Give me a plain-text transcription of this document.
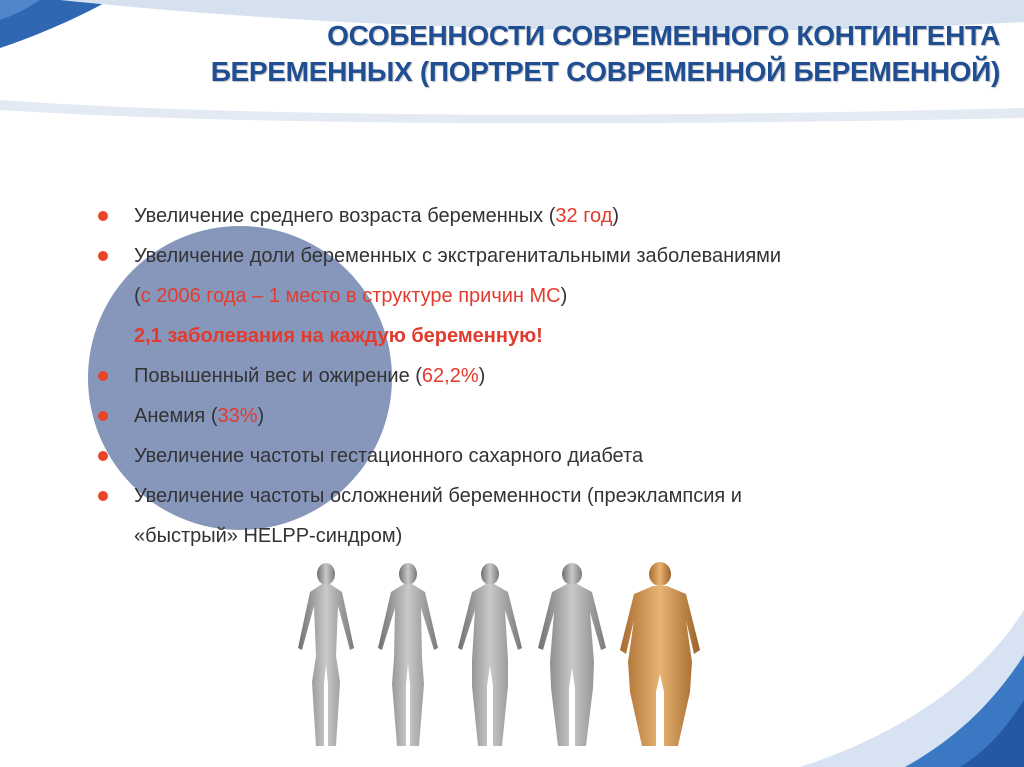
ОСОБЕННОСТИ СОВРЕМЕННОГО КОНТИНГЕНТА
БЕРЕМЕННЫХ (ПОРТРЕТ СОВРЕМЕННОЙ БЕРЕМЕННОЙ)
Увеличение среднего возраста беременных (32 год)
Увеличение доли беременных с экстрагенитальными заболеваниями
(с 2006 года – 1 место в структуре причин МС)
2,1 заболевания на каждую беременную!
Повышенный вес и ожирение (62,2%)
Анемия (33%)
Увеличение частоты гестационного сахарного диабета
Увеличение частоты осложнений беременности (преэклампсия и
«быстрый» HELPP-синдром)
